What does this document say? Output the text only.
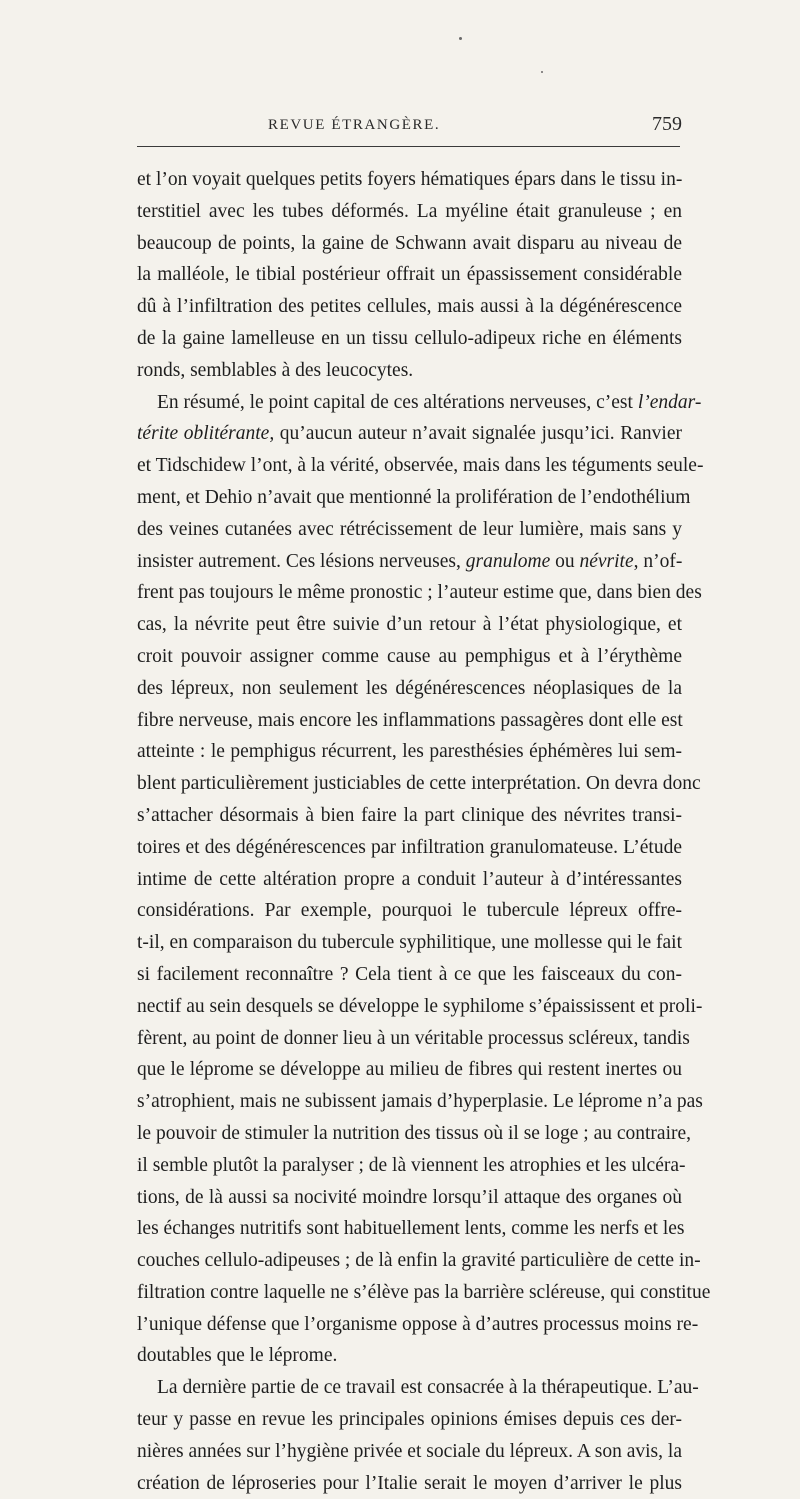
REVUE ÉTRANGÈRE.	759
et l’on voyait quelques petits foyers hématiques épars dans le tissu in-
terstitiel avec les tubes déformés. La myéline était granuleuse ; en
beaucoup de points, la gaine de Schwann avait disparu au niveau de
la malléole, le tibial postérieur offrait un épassissement considérable
dû à l’infiltration des petites cellules, mais aussi à la dégénérescence
de la gaine lamelleuse en un tissu cellulo-adipeux riche en éléments
ronds, semblables à des leucocytes.
En résumé, le point capital de ces altérations nerveuses, c’est l’endar-
térite oblitérante, qu’aucun auteur n’avait signalée jusqu’ici. Ranvier
et Tidschidew l’ont, à la vérité, observée, mais dans les téguments seule-
ment, et Dehio n’avait que mentionné la prolifération de l’endothélium
des veines cutanées avec rétrécissement de leur lumière, mais sans y
insister autrement. Ces lésions nerveuses, granulome ou névrite, n’of-
frent pas toujours le même pronostic ; l’auteur estime que, dans bien des
cas, la névrite peut être suivie d’un retour à l’état physiologique, et
croit pouvoir assigner comme cause au pemphigus et à l’érythème
des lépreux, non seulement les dégénérescences néoplasiques de la
fibre nerveuse, mais encore les inflammations passagères dont elle est
atteinte : le pemphigus récurrent, les paresthésies éphémères lui sem-
blent particulièrement justiciables de cette interprétation. On devra donc
s’attacher désormais à bien faire la part clinique des névrites transi-
toires et des dégénérescences par infiltration granulomateuse. L’étude
intime de cette altération propre a conduit l’auteur à d’intéressantes
considérations. Par exemple, pourquoi le tubercule lépreux offre-
t-il, en comparaison du tubercule syphilitique, une mollesse qui le fait
si facilement reconnaître ? Cela tient à ce que les faisceaux du con-
nectif au sein desquels se développe le syphilome s’épaississent et proli-
fèrent, au point de donner lieu à un véritable processus scléreux, tandis
que le lépromе se développe au milieu de fibres qui restent inertes ou
s’atrophient, mais ne subissent jamais d’hyperplasie. Le léprome n’a pas
le pouvoir de stimuler la nutrition des tissus où il se loge ; au contraire,
il semble plutôt la paralyser ; de là viennent les atrophies et les ulcéra-
tions, de là aussi sa nocivité moindre lorsqu’il attaque des organes où
les échanges nutritifs sont habituellement lents, comme les nerfs et les
couches cellulo-adipeuses ; de là enfin la gravité particulière de cette in-
filtration contre laquelle ne s’élève pas la barrière scléreuse, qui constitue
l’unique défense que l’organisme oppose à d’autres processus moins re-
doutables que le léprome.
La dernière partie de ce travail est consacrée à la thérapeutique. L’au-
teur y passe en revue les principales opinions émises depuis ces der-
nières années sur l’hygiène privée et sociale du lépreux. A son avis, la
création de léproseries pour l’Italie serait le moyen d’arriver le plus
